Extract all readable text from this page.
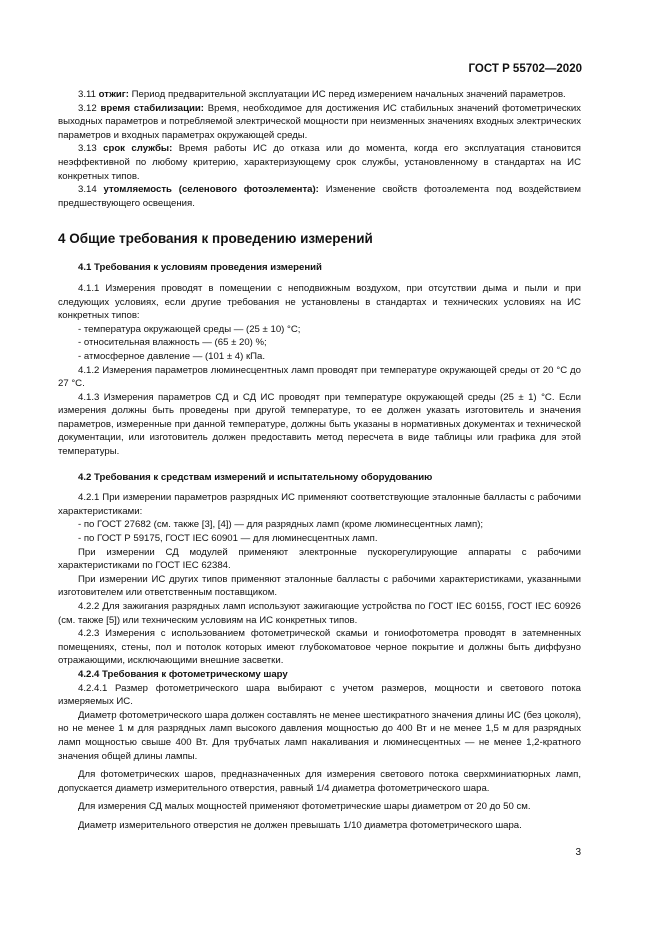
ГОСТ Р 55702—2020

3.11 отжиг: Период предварительной эксплуатации ИС перед измерением начальных значений параметров.

3.12 время стабилизации: Время, необходимое для достижения ИС стабильных значений фотометрических выходных параметров и потребляемой электрической мощности при неизменных значениях входных электрических параметров и входных параметрах окружающей среды.

3.13 срок службы: Время работы ИС до отказа или до момента, когда его эксплуатация становится неэффективной по любому критерию, характеризующему срок службы, установленному в стандартах на ИС конкретных типов.

3.14 утомляемость (селенового фотоэлемента): Изменение свойств фотоэлемента под воздействием предшествующего освещения.

4 Общие требования к проведению измерений
4.1 Требования к условиям проведения измерений

4.1.1 Измерения проводят в помещении с неподвижным воздухом, при отсутствии дыма и пыли и при следующих условиях, если другие требования не установлены в стандартах и технических условиях на ИС конкретных типов:

- температура окружающей среды — (25 ± 10) °С;

- относительная влажность — (65 ± 20) %;

- атмосферное давление — (101 ± 4) кПа.

4.1.2 Измерения параметров люминесцентных ламп проводят при температуре окружающей среды от 20 °С до 27 °С.

4.1.3 Измерения параметров СД и СД ИС проводят при температуре окружающей среды (25 ± 1) °С. Если измерения должны быть проведены при другой температуре, то ее должен указать изготовитель и значения параметров, измеренные при данной температуре, должны быть указаны в нормативных документах и технической документации, или изготовитель должен предоставить метод пересчета в виде таблицы или графика для этой температуры.

4.2 Требования к средствам измерений и испытательному оборудованию

4.2.1 При измерении параметров разрядных ИС применяют соответствующие эталонные балласты с рабочими характеристиками:

- по ГОСТ 27682 (см. также [3], [4]) — для разрядных ламп (кроме люминесцентных ламп);

- по ГОСТ Р 59175, ГОСТ IEC 60901 — для люминесцентных ламп.

При измерении СД модулей применяют электронные пускорегулирующие аппараты с рабочими характеристиками по ГОСТ IEC 62384.

При измерении ИС других типов применяют эталонные балласты с рабочими характеристиками, указанными изготовителем или ответственным поставщиком.

4.2.2 Для зажигания разрядных ламп используют зажигающие устройства по ГОСТ IEC 60155, ГОСТ IEC 60926 (см. также [5]) или техническим условиям на ИС конкретных типов.

4.2.3 Измерения с использованием фотометрической скамьи и гониофотометра проводят в затемненных помещениях, стены, пол и потолок которых имеют глубокоматовое черное покрытие и должны быть диффузно отражающими, исключающими внешние засветки.

4.2.4 Требования к фотометрическому шару

4.2.4.1 Размер фотометрического шара выбирают с учетом размеров, мощности и светового потока измеряемых ИС.

Диаметр фотометрического шара должен составлять не менее шестикратного значения длины ИС (без цоколя), но не менее 1 м для разрядных ламп высокого давления мощностью до 400 Вт и не менее 1,5 м для разрядных ламп мощностью свыше 400 Вт. Для трубчатых ламп накаливания и люминесцентных — не менее 1,2-кратного значения общей длины лампы.

Для фотометрических шаров, предназначенных для измерения светового потока сверхминиатюрных ламп, допускается диаметр измерительного отверстия, равный 1/4 диаметра фотометрического шара.

Для измерения СД малых мощностей применяют фотометрические шары диаметром от 20 до 50 см.

Диаметр измерительного отверстия не должен превышать 1/10 диаметра фотометрического шара.

3
